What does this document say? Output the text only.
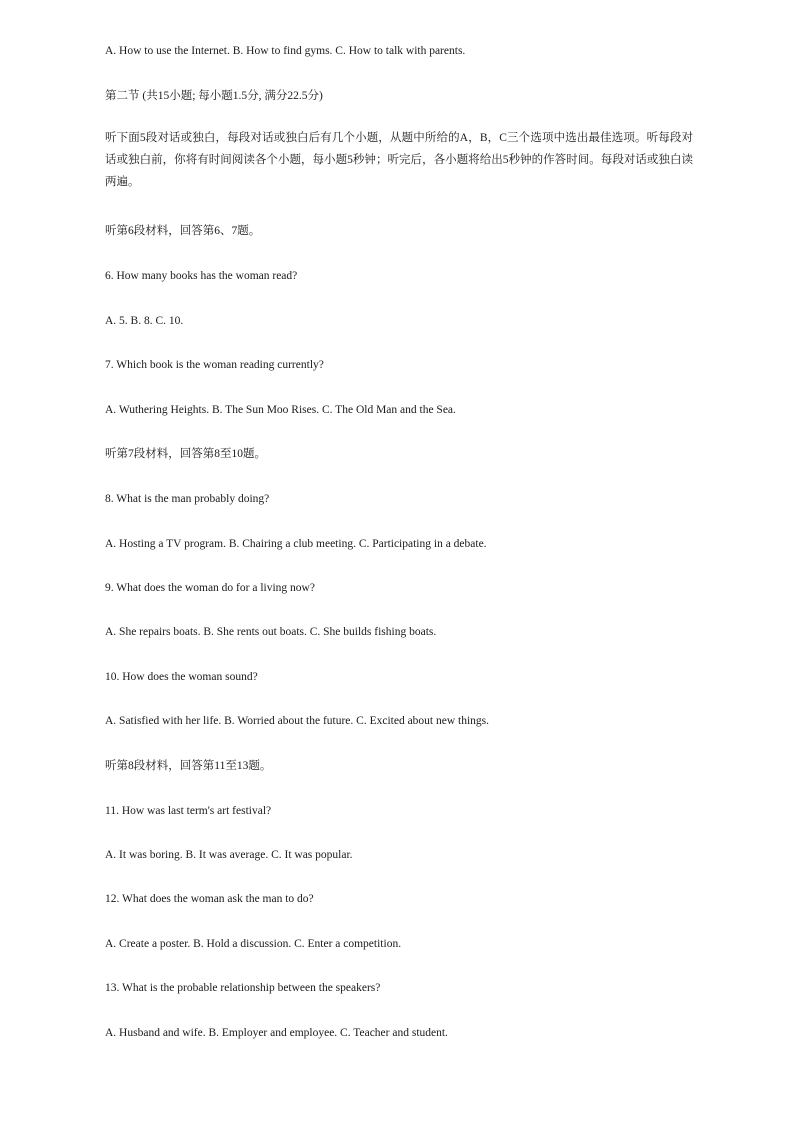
A. How to use the Internet. B. How to find gyms. C. How to talk with parents.
第二节 (共15小题; 每小题1.5分, 满分22.5分)
听下面5段对话或独白，每段对话或独白后有几个小题，从题中所给的A，B，C三个选项中选出最佳选项。听每段对话或独白前，你将有时间阅读各个小题，每小题5秒钟；听完后，各小题将给出5秒钟的作答时间。每段对话或独白读两遍。
听第6段材料，回答第6、7题。
6. How many books has the woman read?
A. 5. B. 8. C. 10.
7. Which book is the woman reading currently?
A. Wuthering Heights. B. The Sun Moo Rises. C. The Old Man and the Sea.
听第7段材料，回答第8至10题。
8. What is the man probably doing?
A. Hosting a TV program. B. Chairing a club meeting. C. Participating in a debate.
9. What does the woman do for a living now?
A. She repairs boats. B. She rents out boats. C. She builds fishing boats.
10. How does the woman sound?
A. Satisfied with her life. B. Worried about the future. C. Excited about new things.
听第8段材料，回答第11至13题。
11. How was last term's art festival?
A. It was boring. B. It was average. C. It was popular.
12. What does the woman ask the man to do?
A. Create a poster. B. Hold a discussion. C. Enter a competition.
13. What is the probable relationship between the speakers?
A. Husband and wife. B. Employer and employee. C. Teacher and student.
